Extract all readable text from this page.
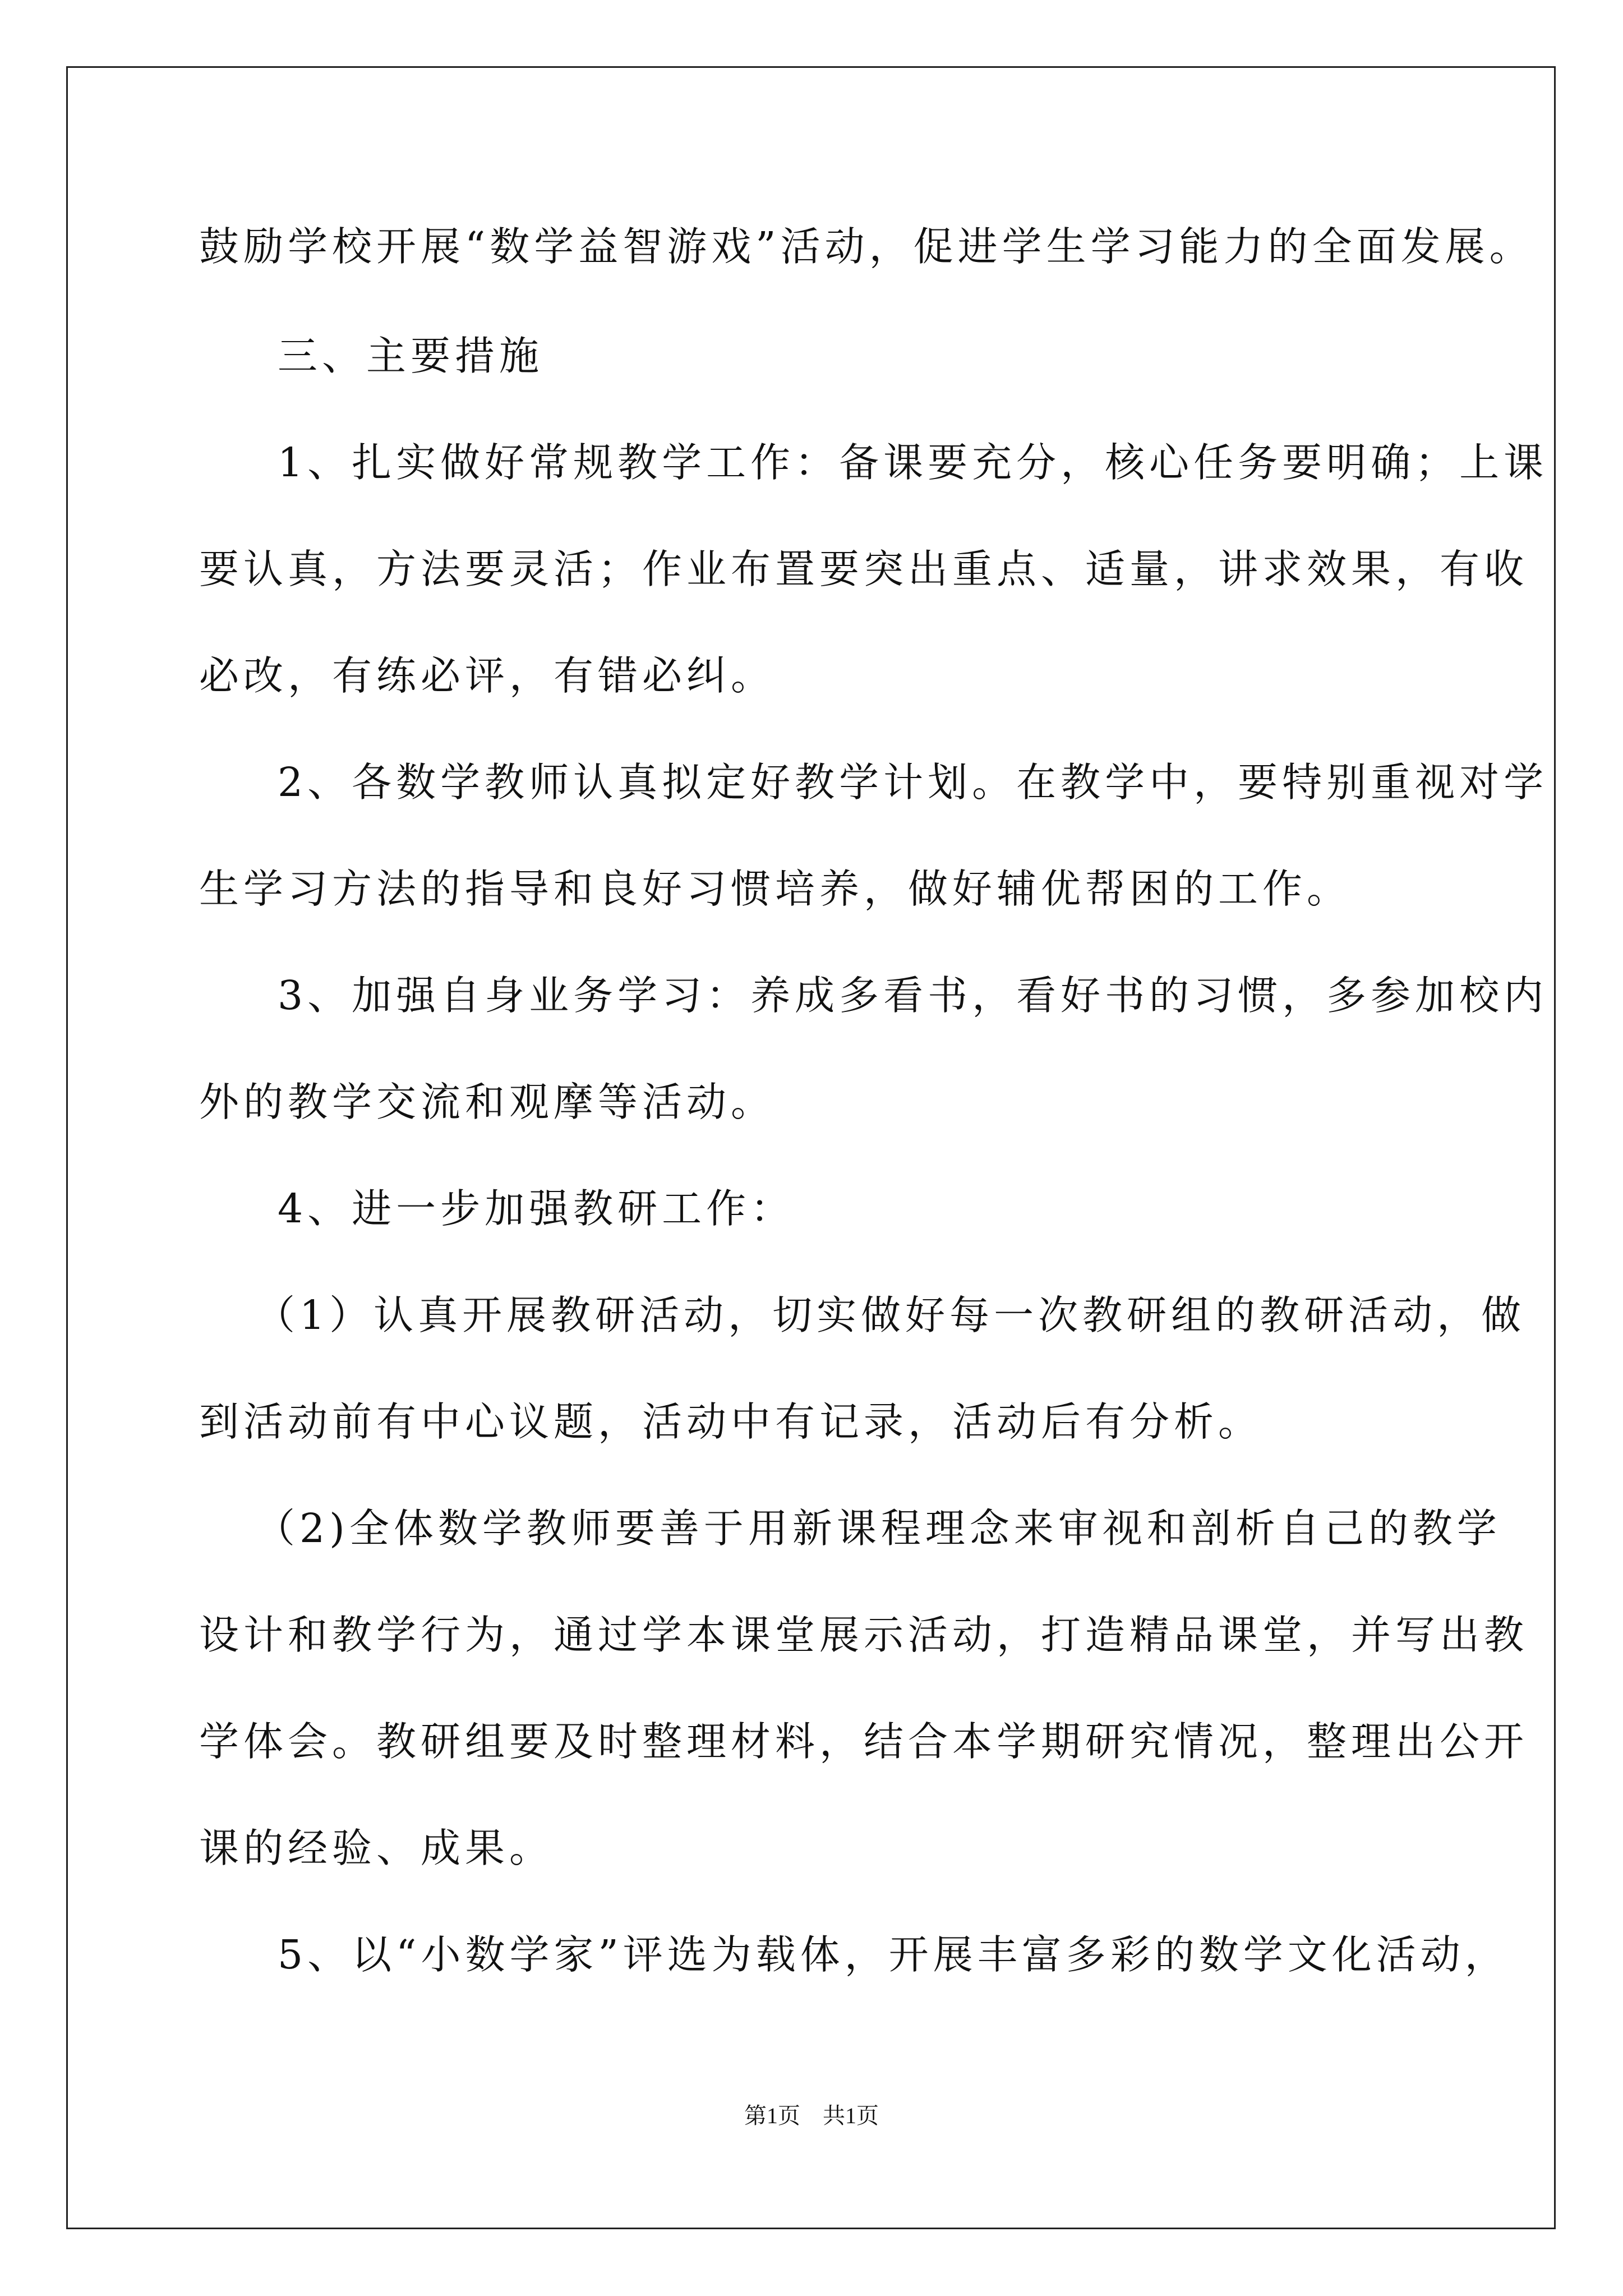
鼓励学校开展“数学益智游戏”活动，促进学生学习能力的全面发展。
三、主要措施
1、扎实做好常规教学工作：备课要充分，核心任务要明确；上课
要认真，方法要灵活；作业布置要突出重点、适量，讲求效果，有收
必改，有练必评，有错必纠。
2、各数学教师认真拟定好教学计划。在教学中，要特别重视对学
生学习方法的指导和良好习惯培养，做好辅优帮困的工作。
3、加强自身业务学习：养成多看书，看好书的习惯，多参加校内
外的教学交流和观摩等活动。
4、进一步加强教研工作：
（1）认真开展教研活动，切实做好每一次教研组的教研活动，做
到活动前有中心议题，活动中有记录，活动后有分析。
（2)全体数学教师要善于用新课程理念来审视和剖析自己的教学
设计和教学行为，通过学本课堂展示活动，打造精品课堂，并写出教
学体会。教研组要及时整理材料，结合本学期研究情况，整理出公开
课的经验、成果。
5、以“小数学家”评选为载体，开展丰富多彩的数学文化活动，
第1页　共1页
